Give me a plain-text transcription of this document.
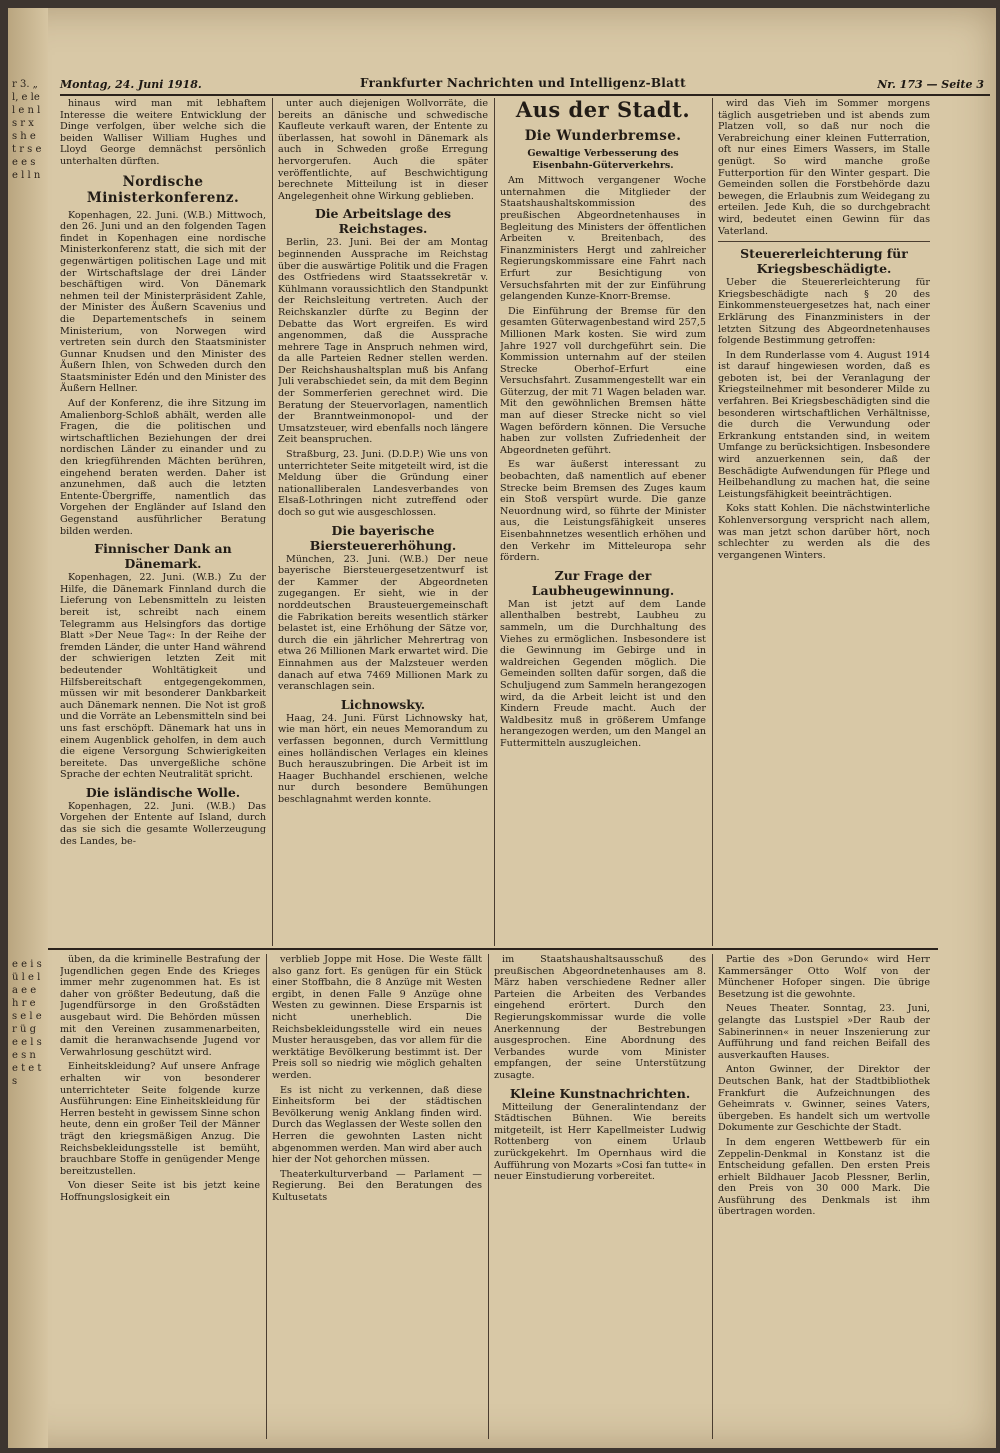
r 3. „ l, e le l e n l s r x s h e t r s e e e s e l l n
e e i s ü l e l a e e h r e s e l e r ü g e e l s e s n e t e t s
Montag, 24. Juni 1918.	Frankfurter Nachrichten und Intelligenz-Blatt	Nr. 173 — Seite 3

hinaus wird man mit lebhaftem Interesse die weitere Entwicklung der Dinge verfolgen, über welche sich die beiden Walliser William Hughes und Lloyd George demnächst persönlich unterhalten dürften.

Nordische Ministerkonferenz.

Kopenhagen, 22. Juni. (W.B.) Mittwoch, den 26. Juni und an den folgenden Tagen findet in Kopenhagen eine nordische Ministerkonferenz statt, die sich mit der gegenwärtigen politischen Lage und mit der Wirtschaftslage der drei Länder beschäftigen wird. Von Dänemark nehmen teil der Ministerpräsident Zahle, der Minister des Äußern Scavenius und die Departementschefs in seinem Ministerium, von Norwegen wird vertreten sein durch den Staatsminister Gunnar Knudsen und den Minister des Äußern Ihlen, von Schweden durch den Staatsminister Edén und den Minister des Äußern Hellner.

Auf der Konferenz, die ihre Sitzung im Amalienborg-Schloß abhält, werden alle Fragen, die die politischen und wirtschaftlichen Beziehungen der drei nordischen Länder zu einander und zu den kriegführenden Mächten berühren, eingehend beraten werden. Daher ist anzunehmen, daß auch die letzten Entente-Übergriffe, namentlich das Vorgehen der Engländer auf Island den Gegenstand ausführlicher Beratung bilden werden.

Finnischer Dank an Dänemark.

Kopenhagen, 22. Juni. (W.B.) Zu der Hilfe, die Dänemark Finnland durch die Lieferung von Lebensmitteln zu leisten bereit ist, schreibt nach einem Telegramm aus Helsingfors das dortige Blatt »Der Neue Tag«: In der Reihe der fremden Länder, die unter Hand während der schwierigen letzten Zeit mit bedeutender Wohltätigkeit und Hilfsbereitschaft entgegengekommen, müssen wir mit besonderer Dankbarkeit auch Dänemark nennen. Die Not ist groß und die Vorräte an Lebensmitteln sind bei uns fast erschöpft. Dänemark hat uns in einem Augenblick geholfen, in dem auch die eigene Versorgung Schwierigkeiten bereitete. Das unvergeßliche schöne Sprache der echten Neutralität spricht.

Die isländische Wolle.

Kopenhagen, 22. Juni. (W.B.) Das Vorgehen der Entente auf Island, durch das sie sich die gesamte Wollerzeugung des Landes, be-

unter auch diejenigen Wollvorräte, die bereits an dänische und schwedische Kaufleute verkauft waren, der Entente zu überlassen, hat sowohl in Dänemark als auch in Schweden große Erregung hervorgerufen. Auch die später veröffentlichte, auf Beschwichtigung berechnete Mitteilung ist in dieser Angelegenheit ohne Wirkung geblieben.

Die Arbeitslage des Reichstages.

Berlin, 23. Juni. Bei der am Montag beginnenden Aussprache im Reichstag über die auswärtige Politik und die Fragen des Ostfriedens wird Staatssekretär v. Kühlmann voraussichtlich den Standpunkt der Reichsleitung vertreten. Auch der Reichskanzler dürfte zu Beginn der Debatte das Wort ergreifen. Es wird angenommen, daß die Aussprache mehrere Tage in Anspruch nehmen wird, da alle Parteien Redner stellen werden. Der Reichshaushaltsplan muß bis Anfang Juli verabschiedet sein, da mit dem Beginn der Sommerferien gerechnet wird. Die Beratung der Steuervorlagen, namentlich der Branntweinmonopol- und der Umsatzsteuer, wird ebenfalls noch längere Zeit beanspruchen.

Straßburg, 23. Juni. (D.D.P.) Wie uns von unterrichteter Seite mitgeteilt wird, ist die Meldung über die Gründung einer nationalliberalen Landesverbandes von Elsaß-Lothringen nicht zutreffend oder doch so gut wie ausgeschlossen.

Die bayerische Biersteuererhöhung.

München, 23. Juni. (W.B.) Der neue bayerische Biersteuergesetzentwurf ist der Kammer der Abgeordneten zugegangen. Er sieht, wie in der norddeutschen Brausteuergemeinschaft die Fabrikation bereits wesentlich stärker belastet ist, eine Erhöhung der Sätze vor, durch die ein jährlicher Mehrertrag von etwa 26 Millionen Mark erwartet wird. Die Einnahmen aus der Malzsteuer werden danach auf etwa 7469 Millionen Mark zu veranschlagen sein.

Lichnowsky.

Haag, 24. Juni. Fürst Lichnowsky hat, wie man hört, ein neues Memorandum zu verfassen begonnen, durch Vermittlung eines holländischen Verlages ein kleines Buch herauszubringen. Die Arbeit ist im Haager Buchhandel erschienen, welche nur durch besondere Bemühungen beschlagnahmt werden konnte.

Aus der Stadt.
Die Wunderbremse.
Gewaltige Verbesserung des Eisenbahn-Güterverkehrs.

Am Mittwoch vergangener Woche unternahmen die Mitglieder der Staatshaushaltskommission des preußischen Abgeordnetenhauses in Begleitung des Ministers der öffentlichen Arbeiten v. Breitenbach, des Finanzministers Hergt und zahlreicher Regierungskommissare eine Fahrt nach Erfurt zur Besichtigung von Versuchsfahrten mit der zur Einführung gelangenden Kunze-Knorr-Bremse.

Die Einführung der Bremse für den gesamten Güterwagenbestand wird 257,5 Millionen Mark kosten. Sie wird zum Jahre 1927 voll durchgeführt sein. Die Kommission unternahm auf der steilen Strecke Oberhof–Erfurt eine Versuchsfahrt. Zusammengestellt war ein Güterzug, der mit 71 Wagen beladen war. Mit den gewöhnlichen Bremsen hätte man auf dieser Strecke nicht so viel Wagen befördern können. Die Versuche haben zur vollsten Zufriedenheit der Abgeordneten geführt.

Es war äußerst interessant zu beobachten, daß namentlich auf ebener Strecke beim Bremsen des Zuges kaum ein Stoß verspürt wurde. Die ganze Neuordnung wird, so führte der Minister aus, die Leistungsfähigkeit unseres Eisenbahnnetzes wesentlich erhöhen und den Verkehr im Mitteleuropa sehr fördern.

Zur Frage der Laubheugewinnung.

Man ist jetzt auf dem Lande allenthalben bestrebt, Laubheu zu sammeln, um die Durchhaltung des Viehes zu ermöglichen. Insbesondere ist die Gewinnung im Gebirge und in waldreichen Gegenden möglich. Die Gemeinden sollten dafür sorgen, daß die Schuljugend zum Sammeln herangezogen wird, da die Arbeit leicht ist und den Kindern Freude macht. Auch der Waldbesitz muß in größerem Umfange herangezogen werden, um den Mangel an Futtermitteln auszugleichen.

wird das Vieh im Sommer morgens täglich ausgetrieben und ist abends zum Platzen voll, so daß nur noch die Verabreichung einer kleinen Futterration, oft nur eines Eimers Wassers, im Stalle genügt. So wird manche große Futterportion für den Winter gespart. Die Gemeinden sollen die Forstbehörde dazu bewegen, die Erlaubnis zum Weidegang zu erteilen. Jede Kuh, die so durchgebracht wird, bedeutet einen Gewinn für das Vaterland.

Steuererleichterung für Kriegsbeschädigte.

Ueber die Steuererleichterung für Kriegsbeschädigte nach § 20 des Einkommensteuergesetzes hat, nach einer Erklärung des Finanzministers in der letzten Sitzung des Abgeordnetenhauses folgende Bestimmung getroffen:

In dem Runderlasse vom 4. August 1914 ist darauf hingewiesen worden, daß es geboten ist, bei der Veranlagung der Kriegsteilnehmer mit besonderer Milde zu verfahren. Bei Kriegsbeschädigten sind die besonderen wirtschaftlichen Verhältnisse, die durch die Verwundung oder Erkrankung entstanden sind, in weitem Umfange zu berücksichtigen. Insbesondere wird anzuerkennen sein, daß der Beschädigte Aufwendungen für Pflege und Heilbehandlung zu machen hat, die seine Leistungsfähigkeit beeinträchtigen.

Koks statt Kohlen. Die nächstwinterliche Kohlenversorgung verspricht nach allem, was man jetzt schon darüber hört, noch schlechter zu werden als die des vergangenen Winters.

üben, da die kriminelle Bestrafung der Jugendlichen gegen Ende des Krieges immer mehr zugenommen hat. Es ist daher von größter Bedeutung, daß die Jugendfürsorge in den Großstädten ausgebaut wird. Die Behörden müssen mit den Vereinen zusammenarbeiten, damit die heranwachsende Jugend vor Verwahrlosung geschützt wird.

Einheitskleidung? Auf unsere Anfrage erhalten wir von besonderer unterrichteter Seite folgende kurze Ausführungen: Eine Einheitskleidung für Herren besteht in gewissem Sinne schon heute, denn ein großer Teil der Männer trägt den kriegsmäßigen Anzug. Die Reichsbekleidungsstelle ist bemüht, brauchbare Stoffe in genügender Menge bereitzustellen.

Von dieser Seite ist bis jetzt keine Hoffnungslosigkeit ein

verblieb Joppe mit Hose. Die Weste fällt also ganz fort. Es genügen für ein Stück einer Stoffbahn, die 8 Anzüge mit Westen ergibt, in denen Falle 9 Anzüge ohne Westen zu gewinnen. Diese Ersparnis ist nicht unerheblich. Die Reichsbekleidungsstelle wird ein neues Muster herausgeben, das vor allem für die werktätige Bevölkerung bestimmt ist. Der Preis soll so niedrig wie möglich gehalten werden.

Es ist nicht zu verkennen, daß diese Einheitsform bei der städtischen Bevölkerung wenig Anklang finden wird. Durch das Weglassen der Weste sollen den Herren die gewohnten Lasten nicht abgenommen werden. Man wird aber auch hier der Not gehorchen müssen.

Theaterkulturverband — Parlament — Regierung. Bei den Beratungen des Kultusetats

im Staatshaushaltsausschuß des preußischen Abgeordnetenhauses am 8. März haben verschiedene Redner aller Parteien die Arbeiten des Verbandes eingehend erörtert. Durch den Regierungskommissar wurde die volle Anerkennung der Bestrebungen ausgesprochen. Eine Abordnung des Verbandes wurde vom Minister empfangen, der seine Unterstützung zusagte.

Kleine Kunstnachrichten.

Mitteilung der Generalintendanz der Städtischen Bühnen. Wie bereits mitgeteilt, ist Herr Kapellmeister Ludwig Rottenberg von einem Urlaub zurückgekehrt. Im Opernhaus wird die Aufführung von Mozarts »Cosi fan tutte« in neuer Einstudierung vorbereitet.

Partie des »Don Gerundo« wird Herr Kammersänger Otto Wolf von der Münchener Hofoper singen. Die übrige Besetzung ist die gewohnte.

Neues Theater. Sonntag, 23. Juni, gelangte das Lustspiel »Der Raub der Sabinerinnen« in neuer Inszenierung zur Aufführung und fand reichen Beifall des ausverkauften Hauses.

Anton Gwinner, der Direktor der Deutschen Bank, hat der Stadtbibliothek Frankfurt die Aufzeichnungen des Geheimrats v. Gwinner, seines Vaters, übergeben. Es handelt sich um wertvolle Dokumente zur Geschichte der Stadt.

In dem engeren Wettbewerb für ein Zeppelin-Denkmal in Konstanz ist die Entscheidung gefallen. Den ersten Preis erhielt Bildhauer Jacob Plessner, Berlin, den Preis von 30 000 Mark. Die Ausführung des Denkmals ist ihm übertragen worden.
